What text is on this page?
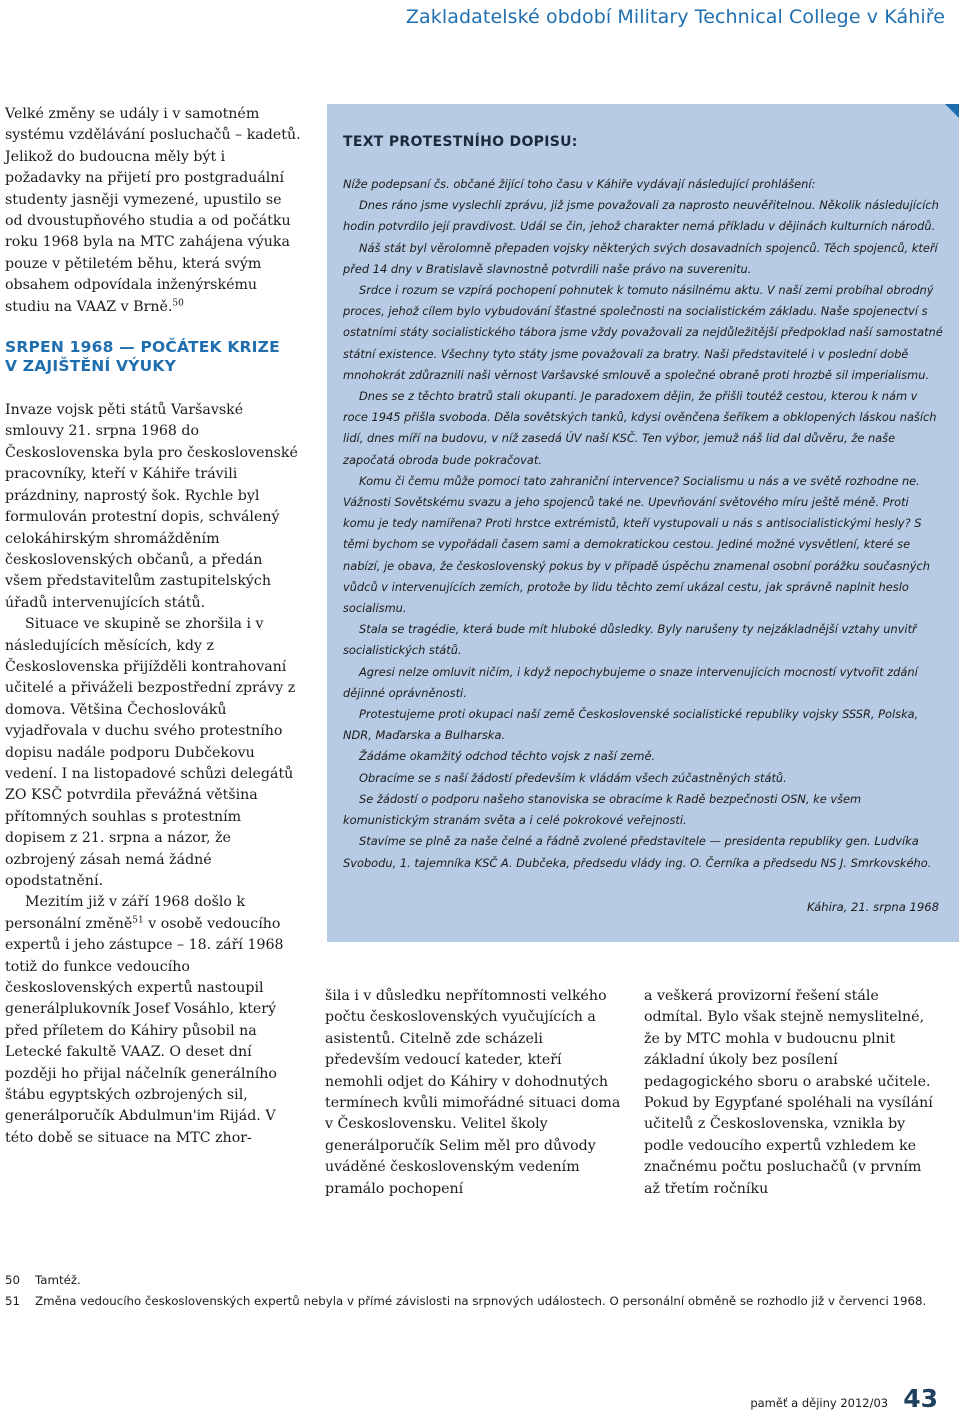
Zakladatelské období Military Technical College v Káhiře

Velké změny se udály i v samotném systému vzdělávání posluchačů – kadetů. Jelikož do budoucna měly být i požadavky na přijetí pro postgraduální studenty jasněji vymezené, upustilo se od dvoustupňového studia a od počátku roku 1968 byla na MTC zahájena výuka pouze v pětiletém běhu, která svým obsahem odpovídala inženýrskému studiu na VAAZ v Brně.$^{50}$

SRPEN 1968 — POČÁTEK KRIZE
V ZAJIŠTĚNÍ VÝUKY

Invaze vojsk pěti států Varšavské smlouvy 21. srpna 1968 do Československa byla pro československé pracovníky, kteří v Káhiře trávili prázdniny, naprostý šok. Rychle byl formulován protestní dopis, schválený celokáhirským shromážděním československých občanů, a předán všem představitelům zastupitelských úřadů intervenujících států.

Situace ve skupině se zhoršila i v následujících měsících, kdy z Československa přijížděli kontrahovaní učitelé a přiváželi bezpostřední zprávy z domova. Většina Čechoslováků vyjadřovala v duchu svého protestního dopisu nadále podporu Dubčekovu vedení. I na listopadové schůzi delegátů ZO KSČ potvrdila převážná většina přítomných souhlas s protestním dopisem z 21. srpna a názor, že ozbrojený zásah nemá žádné opodstatnění.

Mezitím již v září 1968 došlo k personální změně$^{51}$ v osobě vedoucího expertů i jeho zástupce – 18. září 1968 totiž do funkce vedoucího československých expertů nastoupil generálplukovník Josef Vosáhlo, který před příletem do Káhiry působil na Letecké fakultě VAAZ. O deset dní později ho přijal náčelník generálního štábu egyptských ozbrojených sil, generálporučík Abdulmun'im Rijád. V této době se situace na MTC zhor-

TEXT PROTESTNÍHO DOPISU:

Níže podepsaní čs. občané žijící toho času v Káhiře vydávají následující prohlášení:

Dnes ráno jsme vyslechli zprávu, již jsme považovali za naprosto neuvěřitelnou. Několik následujících hodin potvrdilo její pravdivost. Udál se čin, jehož charakter nemá příkladu v dějinách kulturních národů.

Náš stát byl věrolomně přepaden vojsky některých svých dosavadních spojenců. Těch spojenců, kteří před 14 dny v Bratislavě slavnostně potvrdili naše právo na suverenitu.

Srdce i rozum se vzpírá pochopení pohnutek k tomuto násilnému aktu. V naší zemi probíhal obrodný proces, jehož cílem bylo vybudování šťastné společnosti na socialistickém základu. Naše spojenectví s ostatními státy socialistického tábora jsme vždy považovali za nejdůležitější předpoklad naší samostatné státní existence. Všechny tyto státy jsme považovali za bratry. Naši představitelé i v poslední době mnohokrát zdůraznili naši věrnost Varšavské smlouvě a společné obraně proti hrozbě sil imperialismu.

Dnes se z těchto bratrů stali okupanti. Je paradoxem dějin, že přišli toutéž cestou, kterou k nám v roce 1945 přišla svoboda. Děla sovětských tanků, kdysi ověnčena šeříkem a obklopených láskou naších lidí, dnes míří na budovu, v níž zasedá ÚV naší KSČ. Ten výbor, jemuž náš lid dal důvěru, že naše započatá obroda bude pokračovat.

Komu či čemu může pomoci tato zahraniční intervence? Socialismu u nás a ve světě rozhodne ne. Vážnosti Sovětskému svazu a jeho spojenců také ne. Upevňování světového míru ještě méně. Proti komu je tedy namířena? Proti hrstce extrémistů, kteří vystupovali u nás s antisocialistickými hesly? S těmi bychom se vypořádali časem sami a demokratickou cestou. Jediné možné vysvětlení, které se nabízí, je obava, že československý pokus by v případě úspěchu znamenal osobní porážku současných vůdců v intervenujících zemích, protože by lidu těchto zemí ukázal cestu, jak správně naplnit heslo socialismu.

Stala se tragédie, která bude mít hluboké důsledky. Byly narušeny ty nejzákladnější vztahy unvitř socialistických států.

Agresi nelze omluvit ničím, i když nepochybujeme o snaze intervenujících mocností vytvořit zdání dějinné oprávněnosti.

Protestujeme proti okupaci naší země Československé socialistické republiky vojsky SSSR, Polska, NDR, Maďarska a Bulharska.

Žádáme okamžitý odchod těchto vojsk z naší země.

Obracíme se s naší žádostí především k vládám všech zúčastněných států.

Se žádostí o podporu našeho stanoviska se obracíme k Radě bezpečnosti OSN, ke všem komunistickým stranám světa a i celé pokrokové veřejnosti.

Stavíme se plně za naše čelné a řádně zvolené představitele — presidenta republiky gen. Ludvíka Svobodu, 1. tajemníka KSČ A. Dubčeka, předsedu vlády ing. O. Černíka a předsedu NS J. Smrkovského.

Káhira, 21. srpna 1968

šila i v důsledku nepřítomnosti velkého počtu československých vyučujících a asistentů. Citelně zde scházeli především vedoucí kateder, kteří nemohli odjet do Káhiry v dohodnutých termínech kvůli mimořádné situaci doma v Československu. Velitel školy generálporučík Selim měl pro důvody uváděné československým vedením pramálo pochopení

a veškerá provizorní řešení stále odmítal. Bylo však stejně nemyslitelné, že by MTC mohla v budoucnu plnit základní úkoly bez posílení pedagogického sboru o arabské učitele. Pokud by Egypťané spoléhali na vysílání učitelů z Československa, vznikla by podle vedoucího expertů vzhledem ke značnému počtu posluchačů (v prvním až třetím ročníku

50 Tamtéž.
51 Změna vedoucího československých expertů nebyla v přímé závislosti na srpnových událostech. O personální obměně se rozhodlo již v červenci 1968.
paměť a dějiny 2012/03 43
